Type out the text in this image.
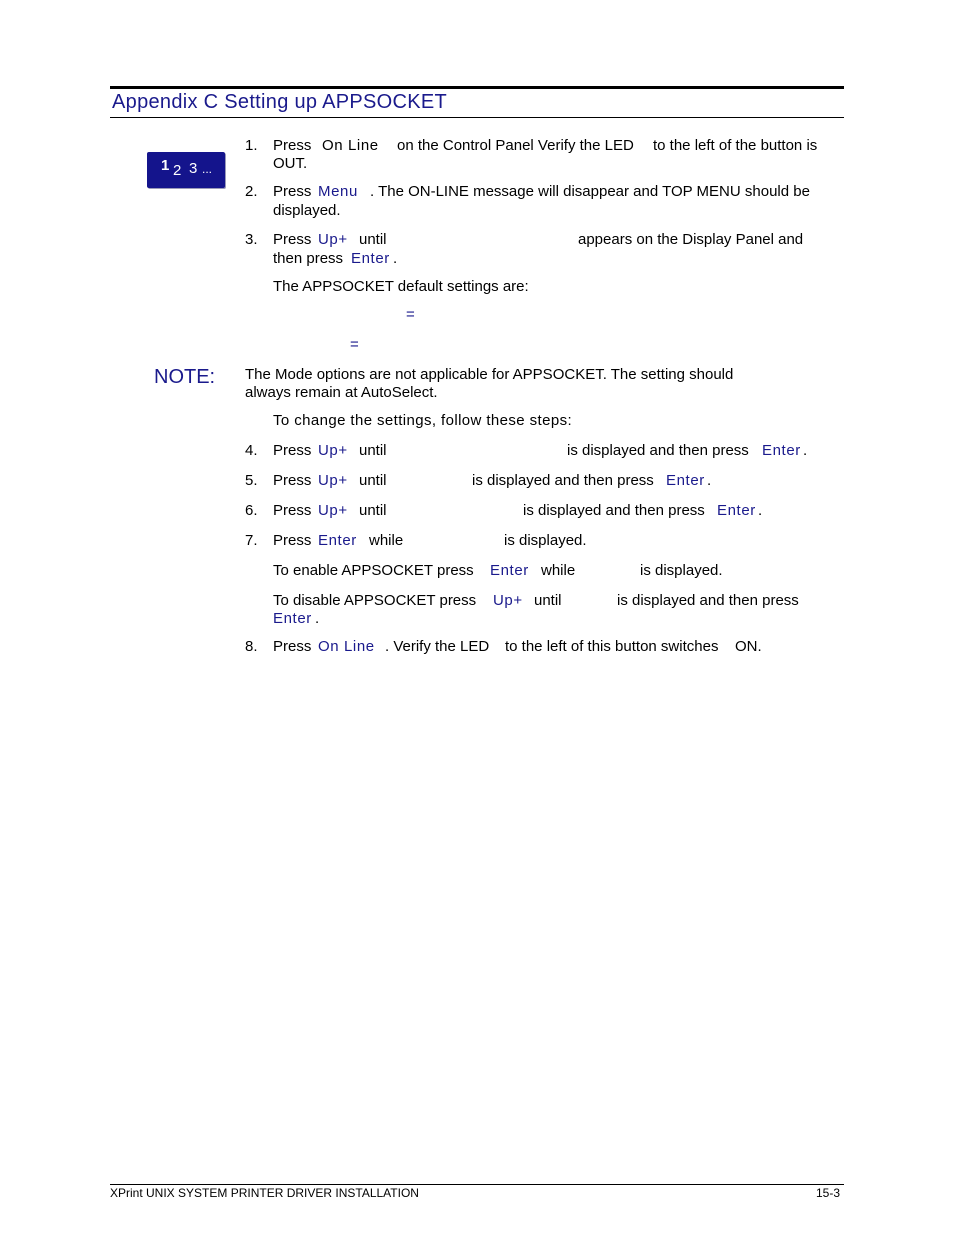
Appendix C Setting up APPSOCKET
1 2 3 ...
1. Press On Line on the Control Panel Verify the LED to the left of the button is
OUT.
2. Press Menu . The ON-LINE message will disappear and TOP MENU should be
displayed.
3. Press Up+ until	appears on the Display Panel and
then press Enter .
The APPSOCKET default settings are:
=
=
NOTE: The Mode options are not applicable for APPSOCKET. The setting should
always remain at AutoSelect.
To change the settings, follow these steps:
4. Press Up+ until	is displayed and then press Enter .
5. Press Up+ until	is displayed and then press Enter .
6. Press Up+ until	is displayed and then press Enter .
7. Press Enter while	is displayed.
To enable APPSOCKET press Enter while	is displayed.
To disable APPSOCKET press Up+ until	is displayed and then press
Enter .
8. Press On Line . Verify the LED to the left of this button switches ON.
XPrint UNIX SYSTEM PRINTER DRIVER INSTALLATION	15-3
